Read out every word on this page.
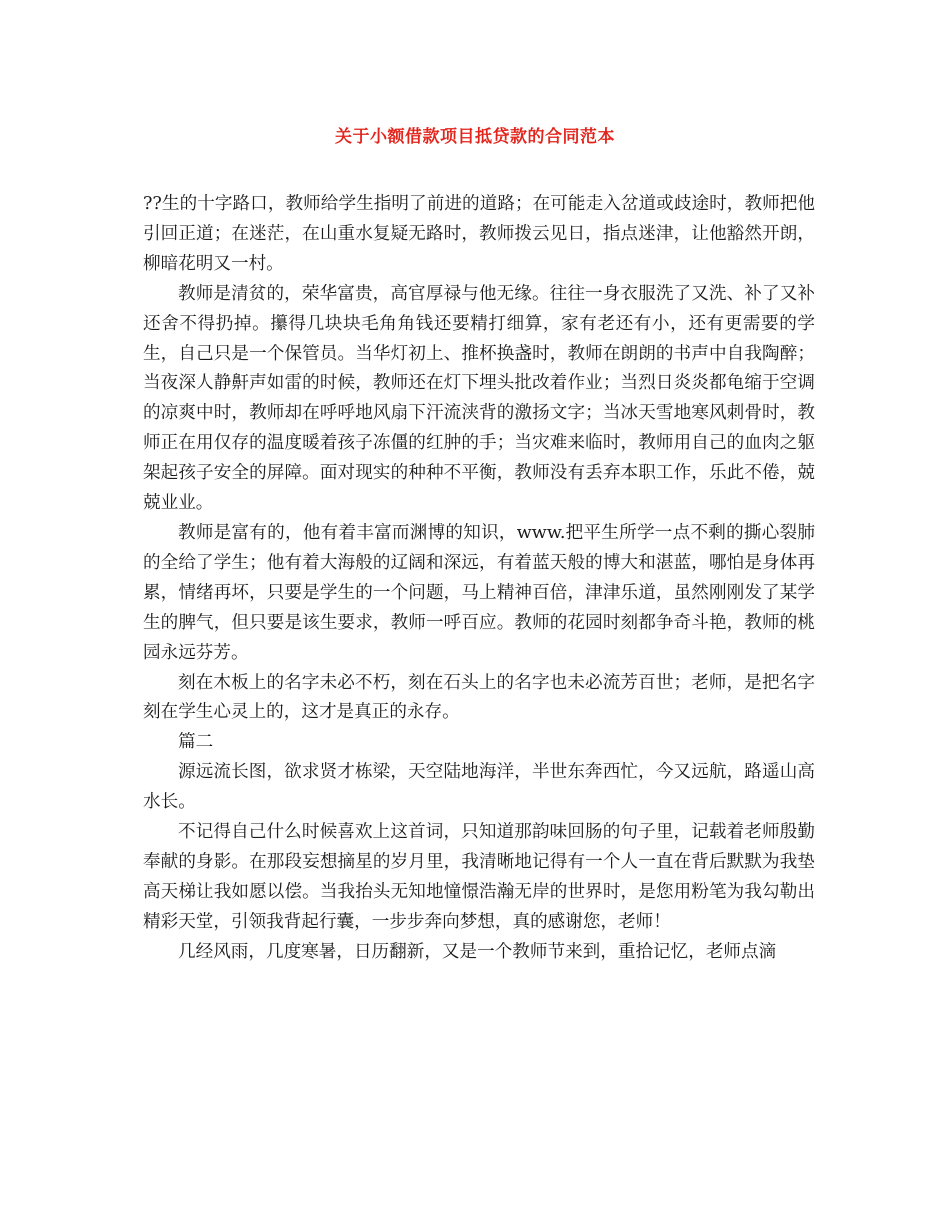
关于小额借款项目抵贷款的合同范本

??生的十字路口，教师给学生指明了前进的道路；在可能走入岔道或歧途时，教师把他引回正道；在迷茫，在山重水复疑无路时，教师拨云见日，指点迷津，让他豁然开朗，柳暗花明又一村。

教师是清贫的，荣华富贵，高官厚禄与他无缘。往往一身衣服洗了又洗、补了又补还舍不得扔掉。攥得几块块毛角角钱还要精打细算，家有老还有小，还有更需要的学生，自己只是一个保管员。当华灯初上、推杯换盏时，教师在朗朗的书声中自我陶醉；当夜深人静鼾声如雷的时候，教师还在灯下埋头批改着作业；当烈日炎炎都龟缩于空调的凉爽中时，教师却在呼呼地风扇下汗流浃背的激扬文字；当冰天雪地寒风刺骨时，教师正在用仅存的温度暖着孩子冻僵的红肿的手；当灾难来临时，教师用自己的血肉之躯架起孩子安全的屏障。面对现实的种种不平衡，教师没有丢弃本职工作，乐此不倦，兢兢业业。

教师是富有的，他有着丰富而渊博的知识，www.把平生所学一点不剩的撕心裂肺的全给了学生；他有着大海般的辽阔和深远，有着蓝天般的博大和湛蓝，哪怕是身体再累，情绪再坏，只要是学生的一个问题，马上精神百倍，津津乐道，虽然刚刚发了某学生的脾气，但只要是该生要求，教师一呼百应。教师的花园时刻都争奇斗艳，教师的桃园永远芬芳。

刻在木板上的名字未必不朽，刻在石头上的名字也未必流芳百世；老师，是把名字刻在学生心灵上的，这才是真正的永存。

篇二

源远流长图，欲求贤才栋梁，天空陆地海洋，半世东奔西忙，今又远航，路遥山高水长。

不记得自己什么时候喜欢上这首词，只知道那韵味回肠的句子里，记载着老师殷勤奉献的身影。在那段妄想摘星的岁月里，我清晰地记得有一个人一直在背后默默为我垫高天梯让我如愿以偿。当我抬头无知地憧憬浩瀚无岸的世界时，是您用粉笔为我勾勒出精彩天堂，引领我背起行囊，一步步奔向梦想，真的感谢您，老师！

几经风雨，几度寒暑，日历翻新，又是一个教师节来到，重拾记忆，老师点滴
